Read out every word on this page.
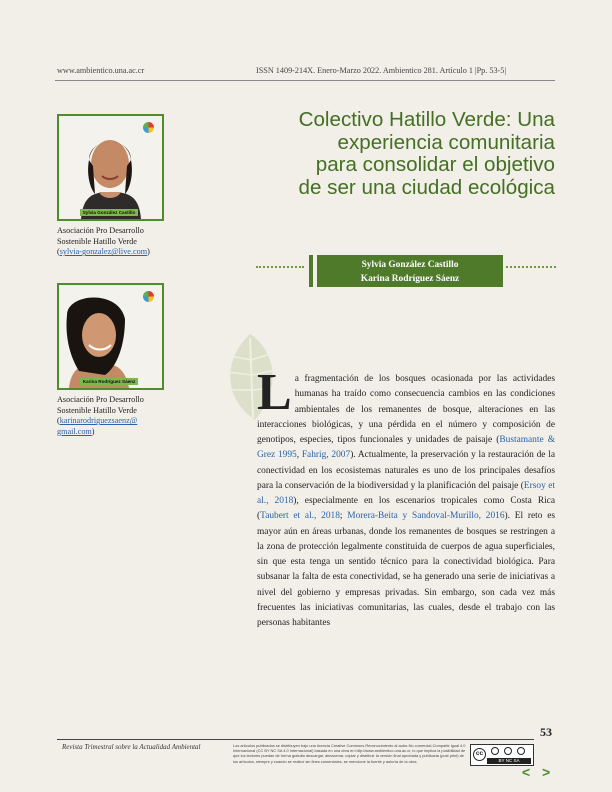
www.ambientico.una.ac.cr	ISSN 1409-214X. Enero-Marzo 2022. Ambientico 281. Artículo 1 |Pp. 53-5|
Sylvia González Castillo
Asociación Pro Desarrollo
Sostenible Hatillo Verde
(sylvia-gonzalez@live.com)
Karina Rodríguez Sáenz
Asociación Pro Desarrollo
Sostenible Hatillo Verde
(karinarodriguezsaenz@
gmail.com)
Colectivo Hatillo Verde: Una
experiencia comunitaria
para consolidar el objetivo
de ser una ciudad ecológica
Sylvia González Castillo
Karina Rodríguez Sáenz

L a fragmentación de los bosques ocasionada por las actividades humanas ha traído como consecuencia cambios en las condiciones ambientales de los remanentes de bosque, alteraciones en las interacciones biológicas, y una pérdida en el número y composición de genotipos, especies, tipos funcionales y unidades de paisaje (Bustamante & Grez 1995, Fahrig, 2007). Actualmente, la preservación y la restauración de la conectividad en los ecosistemas naturales es uno de los principales desafíos para la conservación de la biodiversidad y la planificación del paisaje (Ersoy et al., 2018), especialmente en los escenarios tropicales como Costa Rica (Taubert et al., 2018; Morera-Beita y Sandoval-Murillo, 2016). El reto es mayor aún en áreas urbanas, donde los remanentes de bosques se restringen a la zona de protección legalmente constituida de cuerpos de agua superficiales, sin que esta tenga un sentido técnico para la conectividad biológica. Para subsanar la falta de esta conectividad, se ha generado una serie de iniciativas a nivel del gobierno y empresas privadas. Sin embargo, son cada vez más frecuentes las iniciativas comunitarias, las cuales, desde el trabajo con las personas habitantes

53
Revista Trimestral sobre la Actualidad Ambiental	Los artículos publicados se distribuyen bajo una licencia Creative Commons Reconocimiento al autor-No comercial-Compartir igual 4.0 Internacional (CC BY NC SA 4.0 Internacional) basada en una obra en http://www.ambientico.una.ac.cr, lo que implica la posibilidad de que los lectores puedan de forma gratuita descargar, almacenar, copiar y distribuir la versión final aprobada y publicada (post print) de los artículos, siempre y cuando se realice sin fines comerciales, se mencione la fuente y autoría de la obra.
cc
BY NC SA
< >
